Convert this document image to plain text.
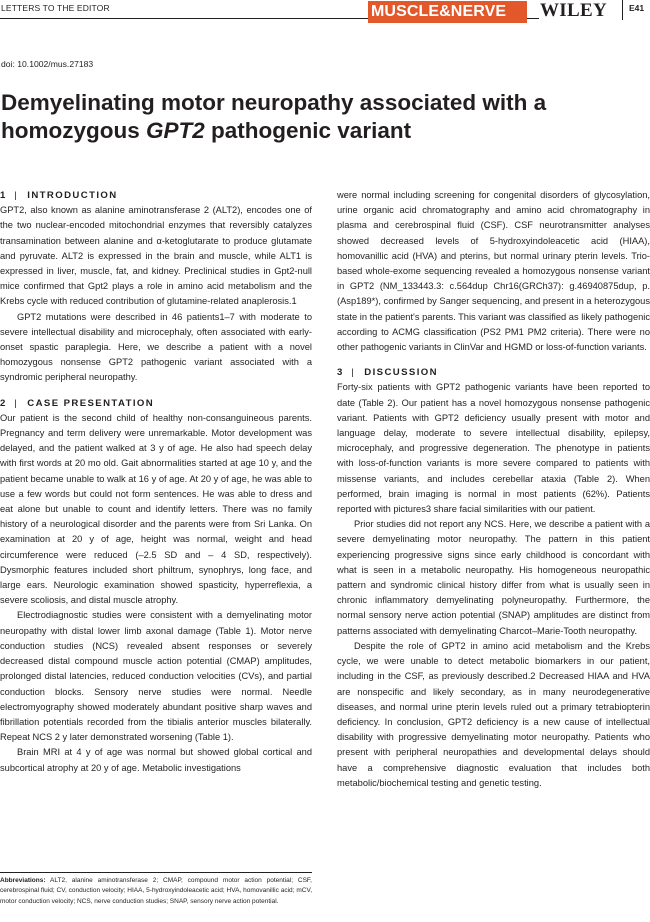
LETTERS TO THE EDITOR	MUSCLE&NERVE	WILEY	E41
doi: 10.1002/mus.27183
Demyelinating motor neuropathy associated with a
homozygous GPT2 pathogenic variant
1 | INTRODUCTION

GPT2, also known as alanine aminotransferase 2 (ALT2), encodes one of the two nuclear-encoded mitochondrial enzymes that reversibly catalyzes transamination between alanine and α-ketoglutarate to produce glutamate and pyruvate. ALT2 is expressed in the brain and muscle, while ALT1 is expressed in liver, muscle, fat, and kidney. Preclinical studies in Gpt2-null mice confirmed that Gpt2 plays a role in amino acid metabolism and the Krebs cycle with reduced contribution of glutamine-related anaplerosis.1

GPT2 mutations were described in 46 patients1–7 with moderate to severe intellectual disability and microcephaly, often associated with early-onset spastic paraplegia. Here, we describe a patient with a novel homozygous nonsense GPT2 pathogenic variant associated with a syndromic peripheral neuropathy.

2 | CASE PRESENTATION

Our patient is the second child of healthy non-consanguineous parents. Pregnancy and term delivery were unremarkable. Motor development was delayed, and the patient walked at 3 y of age. He also had speech delay with first words at 20 mo old. Gait abnormalities started at age 10 y, and the patient became unable to walk at 16 y of age. At 20 y of age, he was able to use a few words but could not form sentences. He was able to dress and eat alone but unable to count and identify letters. There was no family history of a neurological disorder and the parents were from Sri Lanka. On examination at 20 y of age, height was normal, weight and head circumference were reduced (–2.5 SD and – 4 SD, respectively). Dysmorphic features included short philtrum, synophrys, long face, and large ears. Neurologic examination showed spasticity, hyperreflexia, a severe scoliosis, and distal muscle atrophy.

Electrodiagnostic studies were consistent with a demyelinating motor neuropathy with distal lower limb axonal damage (Table 1). Motor nerve conduction studies (NCS) revealed absent responses or severely decreased distal compound muscle action potential (CMAP) amplitudes, prolonged distal latencies, reduced conduction velocities (CVs), and partial conduction blocks. Sensory nerve studies were normal. Needle electromyography showed moderately abundant positive sharp waves and fibrillation potentials recorded from the tibialis anterior muscles bilaterally. Repeat NCS 2 y later demonstrated worsening (Table 1).

Brain MRI at 4 y of age was normal but showed global cortical and subcortical atrophy at 20 y of age. Metabolic investigations

Abbreviations: ALT2, alanine aminotransferase 2; CMAP, compound motor action potential; CSF, cerebrospinal fluid; CV, conduction velocity; HIAA, 5-hydroxyindoleacetic acid; HVA, homovanillic acid; mCV, motor conduction velocity; NCS, nerve conduction studies; SNAP, sensory nerve action potential.

were normal including screening for congenital disorders of glycosylation, urine organic acid chromatography and amino acid chromatography in plasma and cerebrospinal fluid (CSF). CSF neurotransmitter analyses showed decreased levels of 5-hydroxyindoleacetic acid (HIAA), homovanillic acid (HVA) and pterins, but normal urinary pterin levels. Trio-based whole-exome sequencing revealed a homozygous nonsense variant in GPT2 (NM_133443.3: c.564dup Chr16(GRCh37): g.46940875dup, p.(Asp189*), confirmed by Sanger sequencing, and present in a heterozygous state in the patient's parents. This variant was classified as likely pathogenic according to ACMG classification (PS2 PM1 PM2 criteria). There were no other pathogenic variants in ClinVar and HGMD or loss-of-function variants.

3 | DISCUSSION

Forty-six patients with GPT2 pathogenic variants have been reported to date (Table 2). Our patient has a novel homozygous nonsense pathogenic variant. Patients with GPT2 deficiency usually present with motor and language delay, moderate to severe intellectual disability, epilepsy, microcephaly, and progressive degeneration. The phenotype in patients with loss-of-function variants is more severe compared to patients with missense variants, and includes cerebellar ataxia (Table 2). When performed, brain imaging is normal in most patients (62%). Patients reported with pictures3 share facial similarities with our patient.

Prior studies did not report any NCS. Here, we describe a patient with a severe demyelinating motor neuropathy. The pattern in this patient experiencing progressive signs since early childhood is concordant with what is seen in a metabolic neuropathy. His homogeneous neuropathic pattern and syndromic clinical history differ from what is usually seen in chronic inflammatory demyelinating polyneuropathy. Furthermore, the normal sensory nerve action potential (SNAP) amplitudes are distinct from patterns associated with demyelinating Charcot–Marie-Tooth neuropathy.

Despite the role of GPT2 in amino acid metabolism and the Krebs cycle, we were unable to detect metabolic biomarkers in our patient, including in the CSF, as previously described.2 Decreased HIAA and HVA are nonspecific and likely secondary, as in many neurodegenerative diseases, and normal urine pterin levels ruled out a primary tetrabiopterin deficiency. In conclusion, GPT2 deficiency is a new cause of intellectual disability with progressive demyelinating motor neuropathy. Patients who present with peripheral neuropathies and developmental delays should have a comprehensive diagnostic evaluation that includes both metabolic/biochemical testing and genetic testing.
